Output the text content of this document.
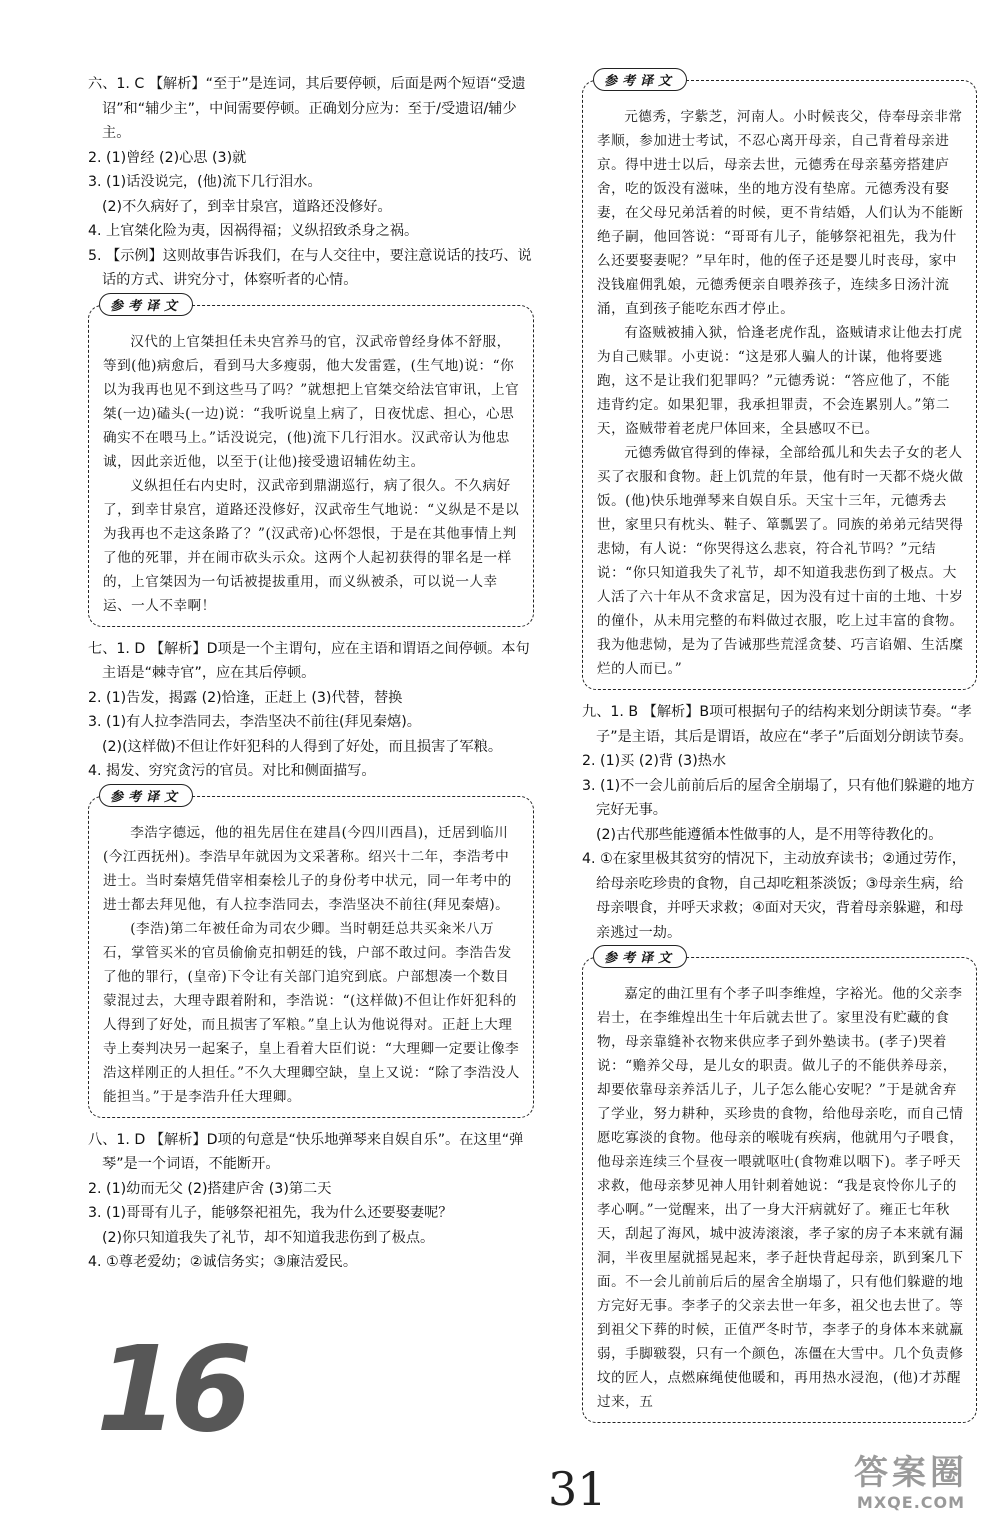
六、1. C 【解析】“至于”是连词，其后要停顿，后面是两个短语“受遗诏”和“辅少主”，中间需要停顿。正确划分应为：至于/受遗诏/辅少主。

2. (1)曾经 (2)心思 (3)就

3. (1)话没说完，(他)流下几行泪水。

(2)不久病好了，到幸甘泉宫，道路还没修好。

4. 上官桀化险为夷，因祸得福；义纵招致杀身之祸。

5. 【示例】这则故事告诉我们，在与人交往中，要注意说话的技巧、说话的方式、讲究分寸，体察听者的心情。

参考译文

汉代的上官桀担任未央宫养马的官，汉武帝曾经身体不舒服，等到(他)病愈后，看到马大多瘦弱，他大发雷霆，(生气地)说：“你以为我再也见不到这些马了吗？”就想把上官桀交给法官审讯，上官桀(一边)磕头(一边)说：“我听说皇上病了，日夜忧虑、担心，心思确实不在喂马上。”话没说完，(他)流下几行泪水。汉武帝认为他忠诚，因此亲近他，以至于(让他)接受遗诏辅佐幼主。

义纵担任右内史时，汉武帝到鼎湖巡行，病了很久。不久病好了，到幸甘泉宫，道路还没修好，汉武帝生气地说：“义纵是不是以为我再也不走这条路了？”(汉武帝)心怀怨恨，于是在其他事情上判了他的死罪，并在闹市砍头示众。这两个人起初获得的罪名是一样的，上官桀因为一句话被提拔重用，而义纵被杀，可以说一人幸运、一人不幸啊！

七、1. D 【解析】D项是一个主谓句，应在主语和谓语之间停顿。本句主语是“棘寺官”，应在其后停顿。

2. (1)告发，揭露 (2)恰逢，正赶上 (3)代替，替换

3. (1)有人拉李浩同去，李浩坚决不前往(拜见秦熺)。

(2)(这样做)不但让作奸犯科的人得到了好处，而且损害了军粮。

4. 揭发、穷究贪污的官员。对比和侧面描写。

参考译文

李浩字德远，他的祖先居住在建昌(今四川西昌)，迁居到临川(今江西抚州)。李浩早年就因为文采著称。绍兴十二年，李浩考中进士。当时秦熺凭借宰相秦桧儿子的身份考中状元，同一年考中的进士都去拜见他，有人拉李浩同去，李浩坚决不前往(拜见秦熺)。

(李浩)第二年被任命为司农少卿。当时朝廷总共买籴米八万石，掌管买米的官员偷偷克扣朝廷的钱，户部不敢过问。李浩告发了他的罪行，(皇帝)下令让有关部门追究到底。户部想凑一个数目蒙混过去，大理寺跟着附和，李浩说：“(这样做)不但让作奸犯科的人得到了好处，而且损害了军粮。”皇上认为他说得对。正赶上大理寺上奏判决另一起案子，皇上看着大臣们说：“大理卿一定要让像李浩这样刚正的人担任。”不久大理卿空缺，皇上又说：“除了李浩没人能担当。”于是李浩升任大理卿。

八、1. D 【解析】D项的句意是“快乐地弹琴来自娱自乐”。在这里“弹琴”是一个词语，不能断开。

2. (1)幼而无父 (2)搭建庐舍 (3)第二天

3. (1)哥哥有儿子，能够祭祀祖先，我为什么还要娶妻呢？

(2)你只知道我失了礼节，却不知道我悲伤到了极点。

4. ①尊老爱幼；②诚信务实；③廉洁爱民。

参考译文

元德秀，字紫芝，河南人。小时候丧父，侍奉母亲非常孝顺，参加进士考试，不忍心离开母亲，自己背着母亲进京。得中进士以后，母亲去世，元德秀在母亲墓旁搭建庐舍，吃的饭没有滋味，坐的地方没有垫席。元德秀没有娶妻，在父母兄弟活着的时候，更不肯结婚，人们认为不能断绝子嗣，他回答说：“哥哥有儿子，能够祭祀祖先，我为什么还要娶妻呢？”早年时，他的侄子还是婴儿时丧母，家中没钱雇佣乳娘，元德秀便亲自喂养孩子，连续多日汤汁流涌，直到孩子能吃东西才停止。

有盗贼被捕入狱，恰逢老虎作乱，盗贼请求让他去打虎为自己赎罪。小吏说：“这是邪人骗人的计谋，他将要逃跑，这不是让我们犯罪吗？”元德秀说：“答应他了，不能违背约定。如果犯罪，我承担罪责，不会连累别人。”第二天，盗贼带着老虎尸体回来，全县感叹不已。

元德秀做官得到的俸禄，全部给孤儿和失去子女的老人买了衣服和食物。赶上饥荒的年景，他有时一天都不烧火做饭。(他)快乐地弹琴来自娱自乐。天宝十三年，元德秀去世，家里只有枕头、鞋子、箪瓢罢了。同族的弟弟元结哭得悲恸，有人说：“你哭得这么悲哀，符合礼节吗？”元结说：“你只知道我失了礼节，却不知道我悲伤到了极点。大人活了六十年从不贪求富足，因为没有过十亩的土地、十岁的僮仆，从未用完整的布料做过衣服，吃上过丰富的食物。我为他悲恸，是为了告诫那些荒淫贪婪、巧言谄媚、生活糜烂的人而已。”

九、1. B 【解析】B项可根据句子的结构来划分朗读节奏。“孝子”是主语，其后是谓语，故应在“孝子”后面划分朗读节奏。

2. (1)买 (2)背 (3)热水

3. (1)不一会儿前前后后的屋舍全崩塌了，只有他们躲避的地方完好无事。

(2)古代那些能遵循本性做事的人，是不用等待教化的。

4. ①在家里极其贫穷的情况下，主动放弃读书；②通过劳作，给母亲吃珍贵的食物，自己却吃粗茶淡饭；③母亲生病，给母亲喂食，并呼天求救；④面对天灾，背着母亲躲避，和母亲逃过一劫。

参考译文

嘉定的曲江里有个孝子叫李维煌，字裕光。他的父亲李岩士，在李维煌出生十年后就去世了。家里没有贮藏的食物，母亲靠缝补衣物来供应孝子到外塾读书。(孝子)哭着说：“赡养父母，是儿女的职责。做儿子的不能供养母亲，却要依靠母亲养活儿子，儿子怎么能心安呢？”于是就舍弃了学业，努力耕种，买珍贵的食物，给他母亲吃，而自己情愿吃寡淡的食物。他母亲的喉咙有疾病，他就用勺子喂食，他母亲连续三个昼夜一喂就呕吐(食物难以咽下)。孝子呼天求救，他母亲梦见神人用针刺着她说：“我是哀怜你儿子的孝心啊。”一觉醒来，出了一身大汗病就好了。雍正七年秋天，刮起了海风，城中波涛滚滚，孝子家的房子本来就有漏洞，半夜里屋就摇晃起来，孝子赶快背起母亲，趴到案几下面。不一会儿前前后后的屋舍全崩塌了，只有他们躲避的地方完好无事。李孝子的父亲去世一年多，祖父也去世了。等到祖父下葬的时候，正值严冬时节，李孝子的身体本来就羸弱，手脚皲裂，只有一个颜色，冻僵在大雪中。几个负责修坟的匠人，点燃麻绳使他暖和，再用热水浸泡，(他)才苏醒过来，五

16
31	答案圈
MXQE.COM
